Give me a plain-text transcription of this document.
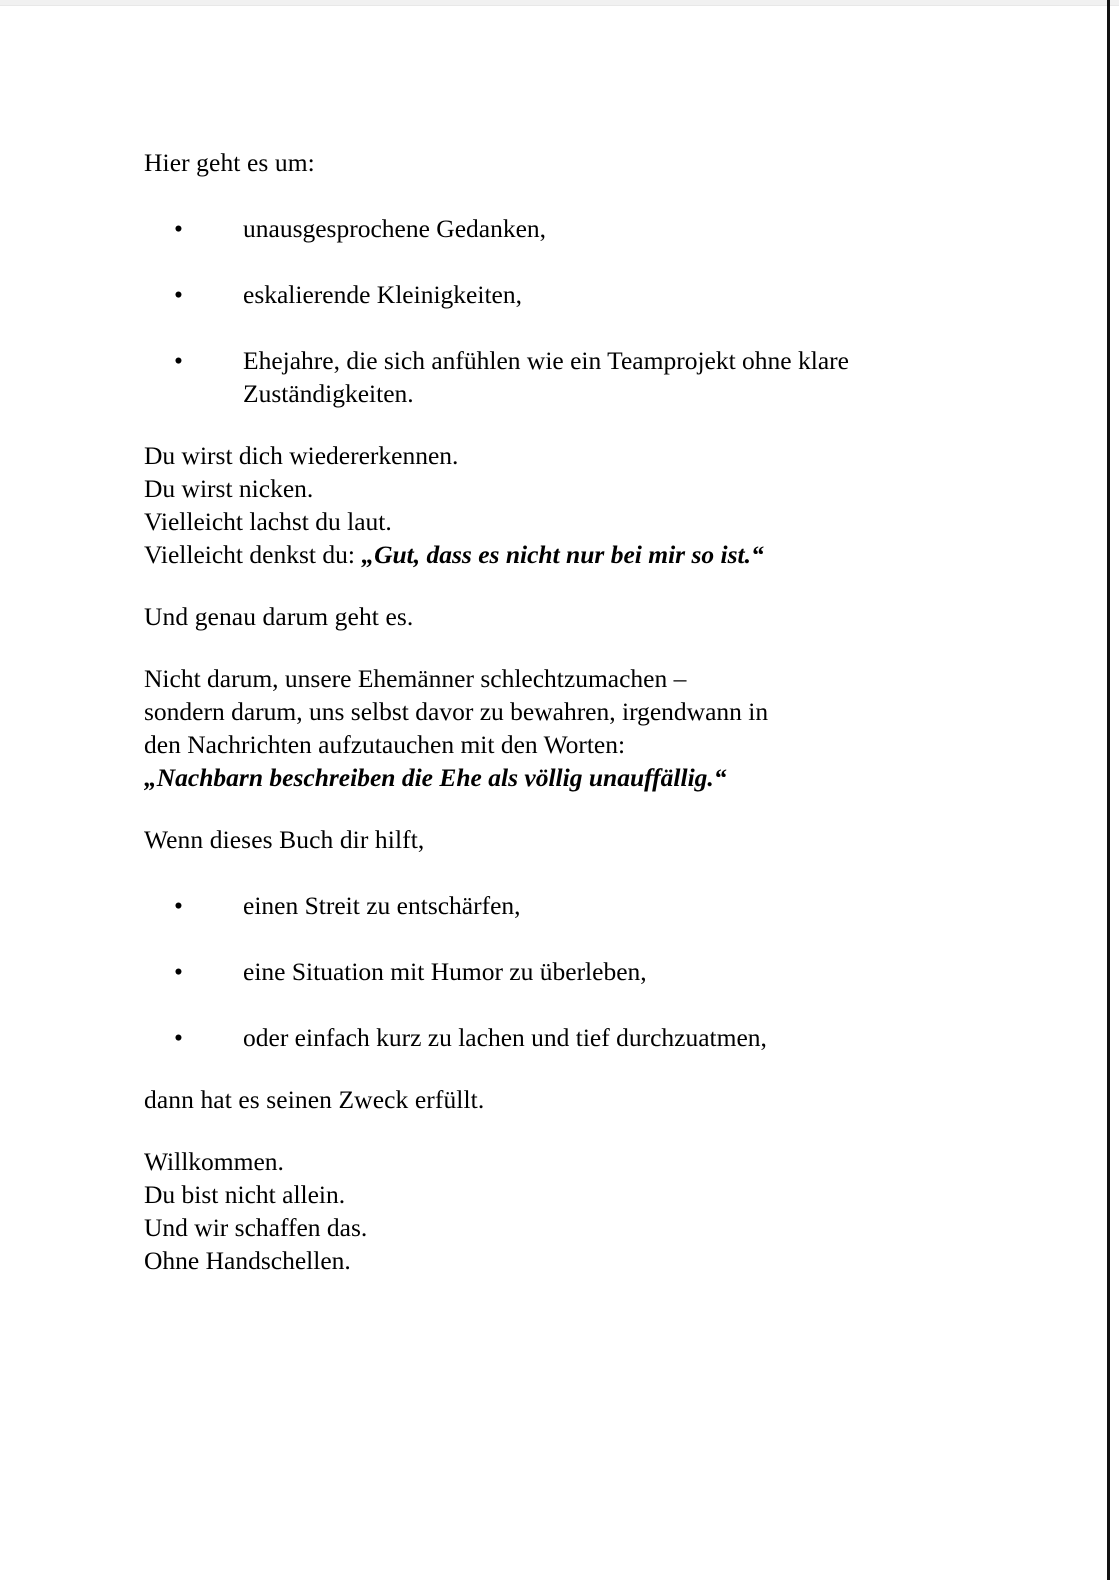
Hier geht es um:

• unausgesprochene Gedanken,
• eskalierende Kleinigkeiten,
• Ehejahre, die sich anfühlen wie ein Teamprojekt ohne klare Zuständigkeiten.
Du wirst dich wiedererkennen.
Du wirst nicken.
Vielleicht lachst du laut.
Vielleicht denkst du: „Gut, dass es nicht nur bei mir so ist.“

Und genau darum geht es.

Nicht darum, unsere Ehemänner schlechtzumachen –
sondern darum, uns selbst davor zu bewahren, irgendwann in
den Nachrichten aufzutauchen mit den Worten:
„Nachbarn beschreiben die Ehe als völlig unauffällig.“

Wenn dieses Buch dir hilft,

• einen Streit zu entschärfen,
• eine Situation mit Humor zu überleben,
• oder einfach kurz zu lachen und tief durchzuatmen,

dann hat es seinen Zweck erfüllt.

Willkommen.
Du bist nicht allein.
Und wir schaffen das.
Ohne Handschellen.
